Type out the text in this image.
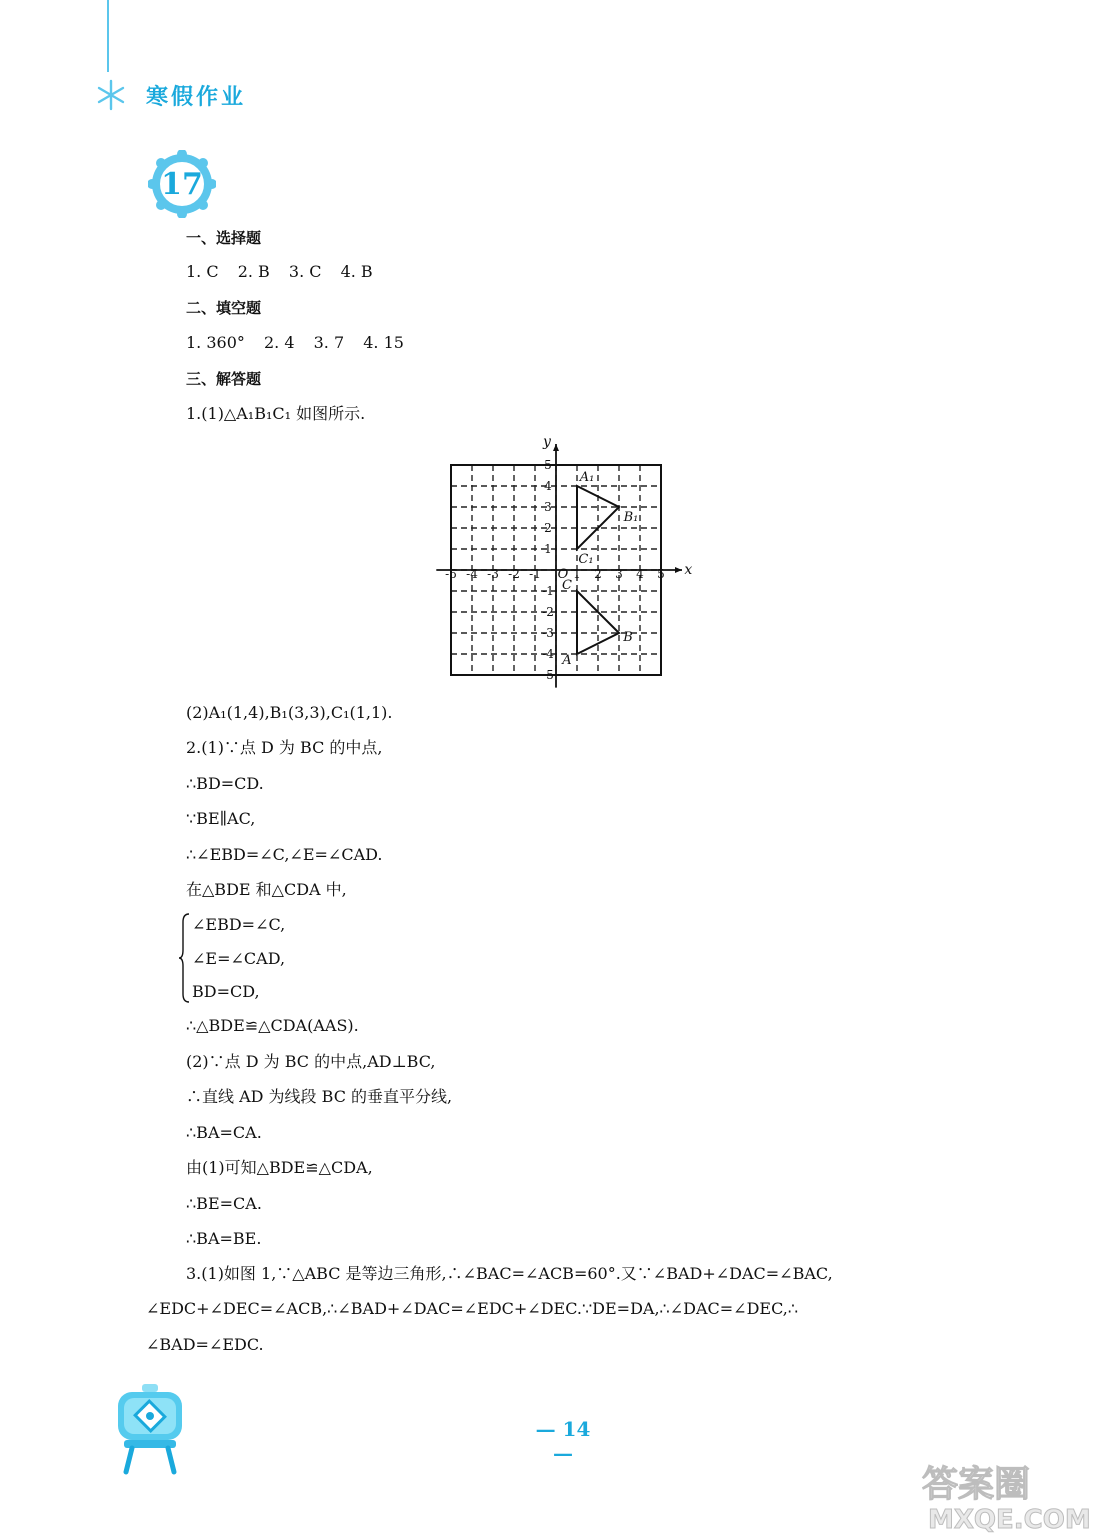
寒假作业
17
一、选择题
1. C 2. B 3. C 4. B
二、填空题
1. 360° 2. 4 3. 7 4. 15
三、解答题
1.(1)△A₁B₁C₁ 如图所示.
x
y
O
-5 -4 -3 -2 -1	1 2 3 4 5
5
4
3
2
1
-1
-2
-3
-4
-5
A₁
B₁
C₁
A
B
C
(2)A₁(1,4),B₁(3,3),C₁(1,1).
2.(1)∵点 D 为 BC 的中点,
∴BD=CD.
∵BE∥AC,
∴∠EBD=∠C,∠E=∠CAD.
在△BDE 和△CDA 中,
∠EBD=∠C,
∠E=∠CAD,
BD=CD,
∴△BDE≌△CDA(AAS).
(2)∵点 D 为 BC 的中点,AD⊥BC,
∴直线 AD 为线段 BC 的垂直平分线,
∴BA=CA.
由(1)可知△BDE≌△CDA,
∴BE=CA.
∴BA=BE.
3.(1)如图 1,∵△ABC 是等边三角形,∴∠BAC=∠ACB=60°.又∵∠BAD+∠DAC=∠BAC,
∠EDC+∠DEC=∠ACB,∴∠BAD+∠DAC=∠EDC+∠DEC.∵DE=DA,∴∠DAC=∠DEC,∴
∠BAD=∠EDC.
— 14 —
答案圈
MXQE.COM
